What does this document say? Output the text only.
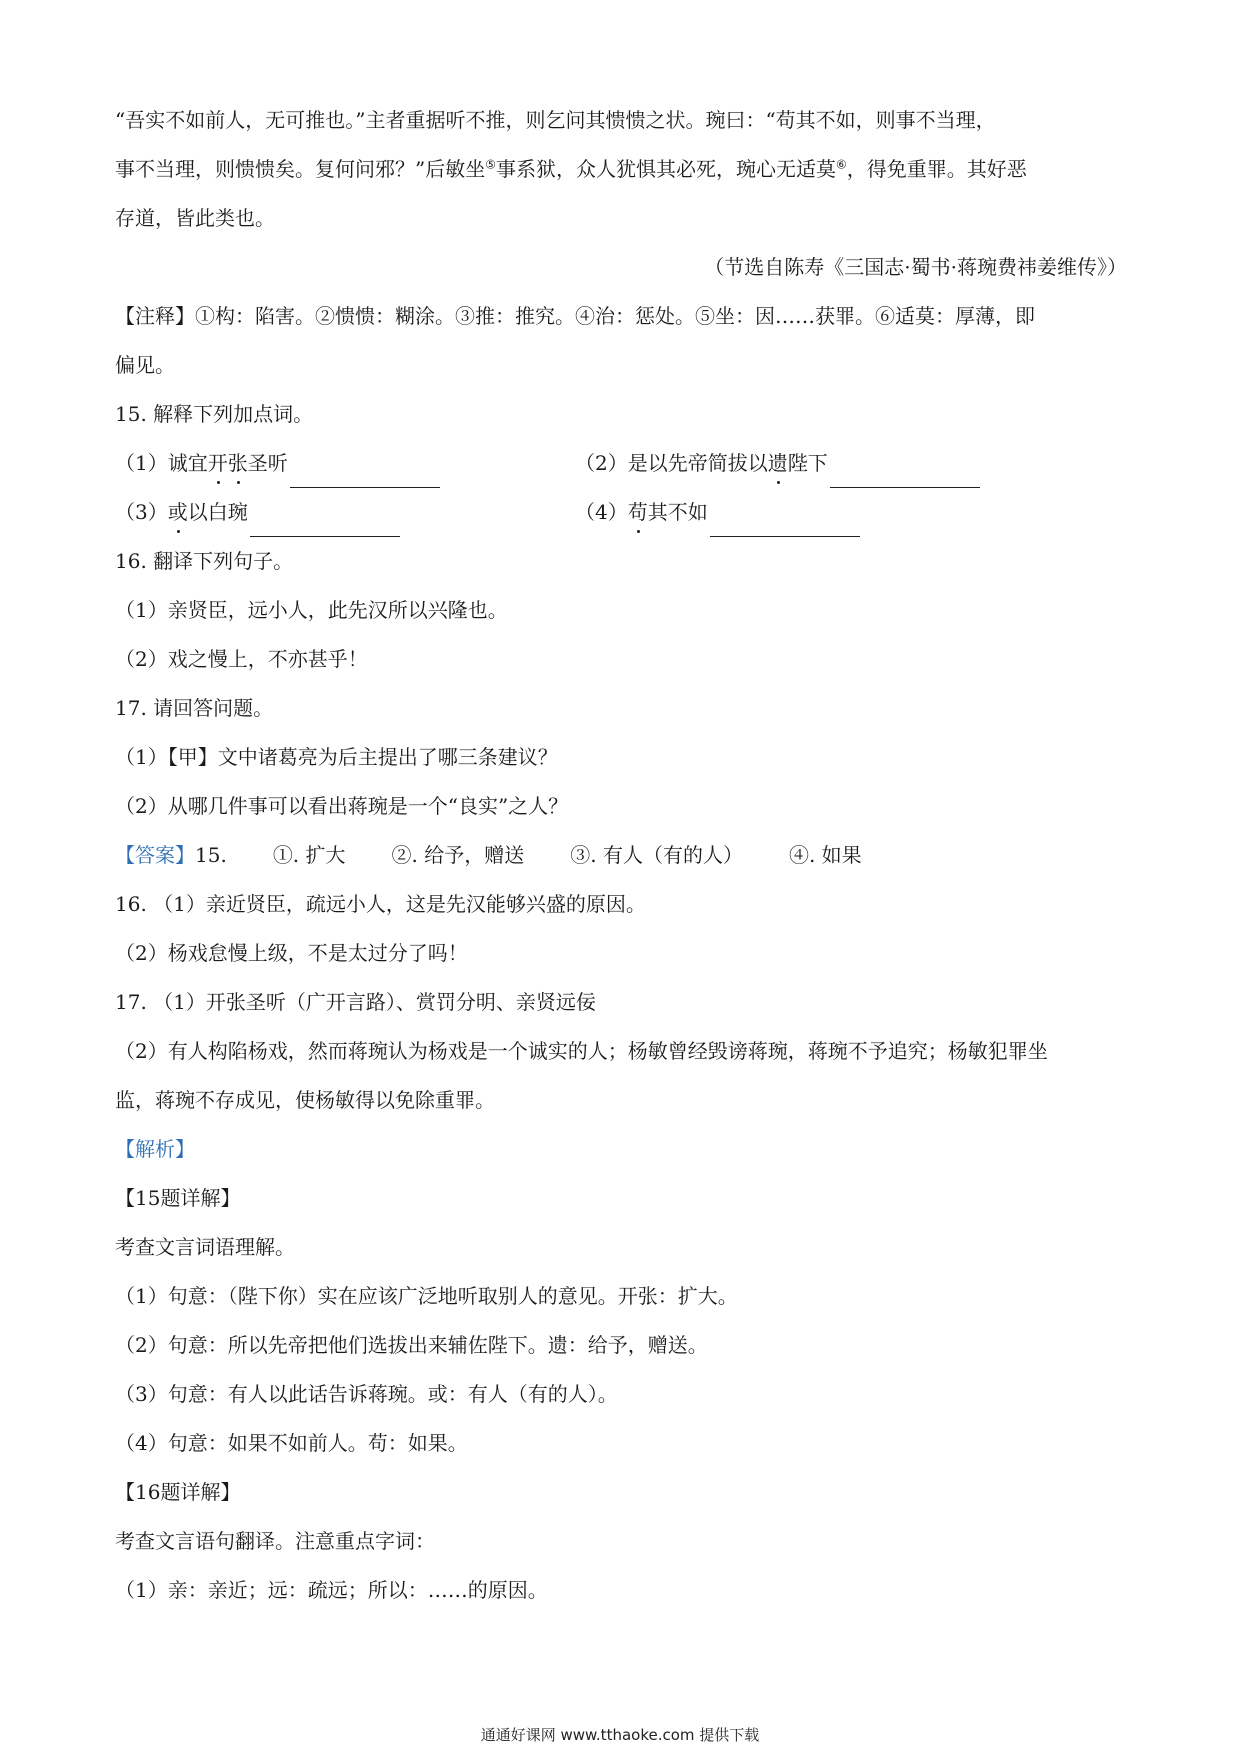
“吾实不如前人，无可推也。”主者重据听不推，则乞问其愦愦之状。琬曰：“苟其不如，则事不当理，
事不当理，则愦愦矣。复何问邪？”后敏坐⑤事系狱，众人犹惧其必死，琬心无适莫⑥，得免重罪。其好恶
存道，皆此类也。
（节选自陈寿《三国志·蜀书·蒋琬费祎姜维传》）
【注释】①构：陷害。②愦愦：糊涂。③推：推究。④治：惩处。⑤坐：因……获罪。⑥适莫：厚薄，即
偏见。
15. 解释下列加点词。
（1）诚宜开张圣听	（2）是以先帝简拔以遗陛下
（3）或以白琬	（4）苟其不如
16. 翻译下列句子。
（1）亲贤臣，远小人，此先汉所以兴隆也。
（2）戏之慢上，不亦甚乎！
17. 请回答问题。
（1）【甲】文中诸葛亮为后主提出了哪三条建议？
（2）从哪几件事可以看出蒋琬是一个“良实”之人？
【答案】15. ①. 扩大 ②. 给予，赠送 ③. 有人（有的人） ④. 如果
16. （1）亲近贤臣，疏远小人，这是先汉能够兴盛的原因。
（2）杨戏怠慢上级，不是太过分了吗！
17. （1）开张圣听（广开言路）、赏罚分明、亲贤远佞
（2）有人构陷杨戏，然而蒋琬认为杨戏是一个诚实的人；杨敏曾经毁谤蒋琬，蒋琬不予追究；杨敏犯罪坐
监，蒋琬不存成见，使杨敏得以免除重罪。
【解析】
【15题详解】
考查文言词语理解。
（1）句意：（陛下你）实在应该广泛地听取别人的意见。开张：扩大。
（2）句意：所以先帝把他们选拔出来辅佐陛下。遗：给予，赠送。
（3）句意：有人以此话告诉蒋琬。或：有人（有的人）。
（4）句意：如果不如前人。苟：如果。
【16题详解】
考查文言语句翻译。注意重点字词：
（1）亲：亲近；远：疏远；所以：……的原因。
通通好课网 www.tthaoke.com 提供下载
